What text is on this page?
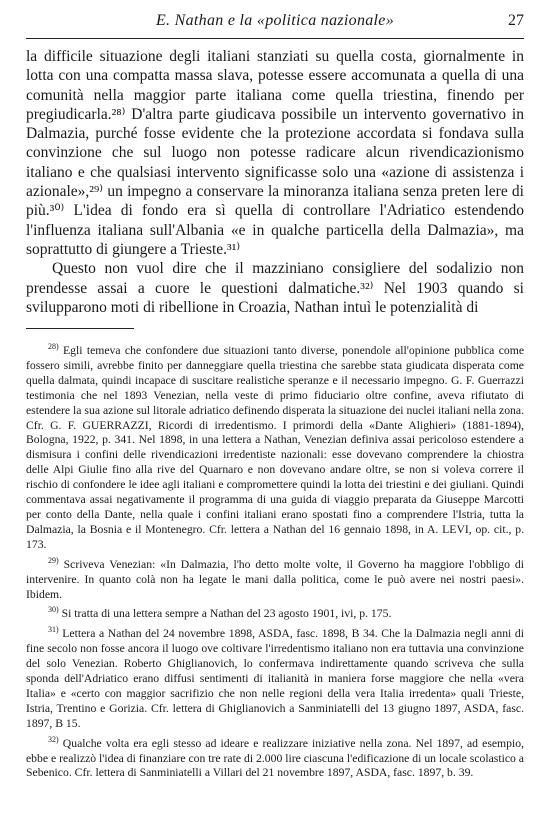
E. Nathan e la «politica nazionale»	27

la difficile situazione degli italiani stanziati su quella costa, giornalmente in lotta con una compatta massa slava, potesse essere accomunata a quella di una comunità nella maggior parte italiana come quella triestina, finendo per pregiudicarla.²⁸⁾ D'altra parte giudicava possibile un intervento governativo in Dalmazia, purché fosse evidente che la protezione accordata si fondava sulla convinzione che sul luogo non potesse radicare alcun rivendicazionismo italiano e che qualsiasi intervento significasse solo una «azione di assistenza i azionale»,²⁹⁾ un impegno a conservare la minoranza italiana senza preten lere di più.³⁰⁾ L'idea di fondo era sì quella di controllare l'Adriatico estendendo l'influenza italiana sull'Albania «e in qualche particella della Dalmazia», ma soprattutto di giungere a Trieste.³¹⁾

Questo non vuol dire che il mazziniano consigliere del sodalizio non prendesse assai a cuore le questioni dalmatiche.³²⁾ Nel 1903 quando si svilupparono moti di ribellione in Croazia, Nathan intuì le potenzialità di

$^{28)}$ Egli temeva che confondere due situazioni tanto diverse, ponendole all'opinione pubblica come fossero simili, avrebbe finito per danneggiare quella triestina che sarebbe stata giudicata disperata come quella dalmata, quindi incapace di suscitare realistiche speranze e il necessario impegno. G. F. Guerrazzi testimonia che nel 1893 Venezian, nella veste di primo fiduciario oltre confine, aveva rifiutato di estendere la sua azione sul litorale adriatico definendo disperata la situazione dei nuclei italiani nella zona. Cfr. G. F. GUERRAZZI, Ricordi di irredentismo. I primordi della «Dante Alighieri» (1881-1894), Bologna, 1922, p. 341. Nel 1898, in una lettera a Nathan, Venezian definiva assai pericoloso estendere a dismisura i confini delle rivendicazioni irredentiste nazionali: esse dovevano comprendere la chiostra delle Alpi Giulie fino alla rive del Quarnaro e non dovevano andare oltre, se non si voleva correre il rischio di confondere le idee agli italiani e compromettere quindi la lotta dei triestini e dei giuliani. Quindi commentava assai negativamente il programma di una guida di viaggio preparata da Giuseppe Marcotti per conto della Dante, nella quale i confini italiani erano spostati fino a comprendere l'Istria, tutta la Dalmazia, la Bosnia e il Montenegro. Cfr. lettera a Nathan del 16 gennaio 1898, in A. LEVI, op. cit., p. 173.

$^{29)}$ Scriveva Venezian: «In Dalmazia, l'ho detto molte volte, il Governo ha maggiore l'obbligo di intervenire. In quanto colà non ha legate le mani dalla politica, come le può avere nei nostri paesi». Ibidem.

$^{30)}$ Si tratta di una lettera sempre a Nathan del 23 agosto 1901, ivi, p. 175.

$^{31)}$ Lettera a Nathan del 24 novembre 1898, ASDA, fasc. 1898, B 34. Che la Dalmazia negli anni di fine secolo non fosse ancora il luogo ove coltivare l'irredentismo italiano non era tuttavia una convinzione del solo Venezian. Roberto Ghiglianovich, lo confermava indirettamente quando scriveva che sulla sponda dell'Adriatico erano diffusi sentimenti di italianità in maniera forse maggiore che nella «vera Italia» e «certo con maggior sacrifizio che non nelle regioni della vera Italia irredenta» quali Trieste, Istria, Trentino e Gorizia. Cfr. lettera di Ghiglianovich a Sanminiatelli del 13 giugno 1897, ASDA, fasc. 1897, B 15.

$^{32)}$ Qualche volta era egli stesso ad ideare e realizzare iniziative nella zona. Nel 1897, ad esempio, ebbe e realizzò l'idea di finanziare con tre rate di 2.000 lire ciascuna l'edificazione di un locale scolastico a Sebenico. Cfr. lettera di Sanminiatelli a Villari del 21 novembre 1897, ASDA, fasc. 1897, b. 39.
